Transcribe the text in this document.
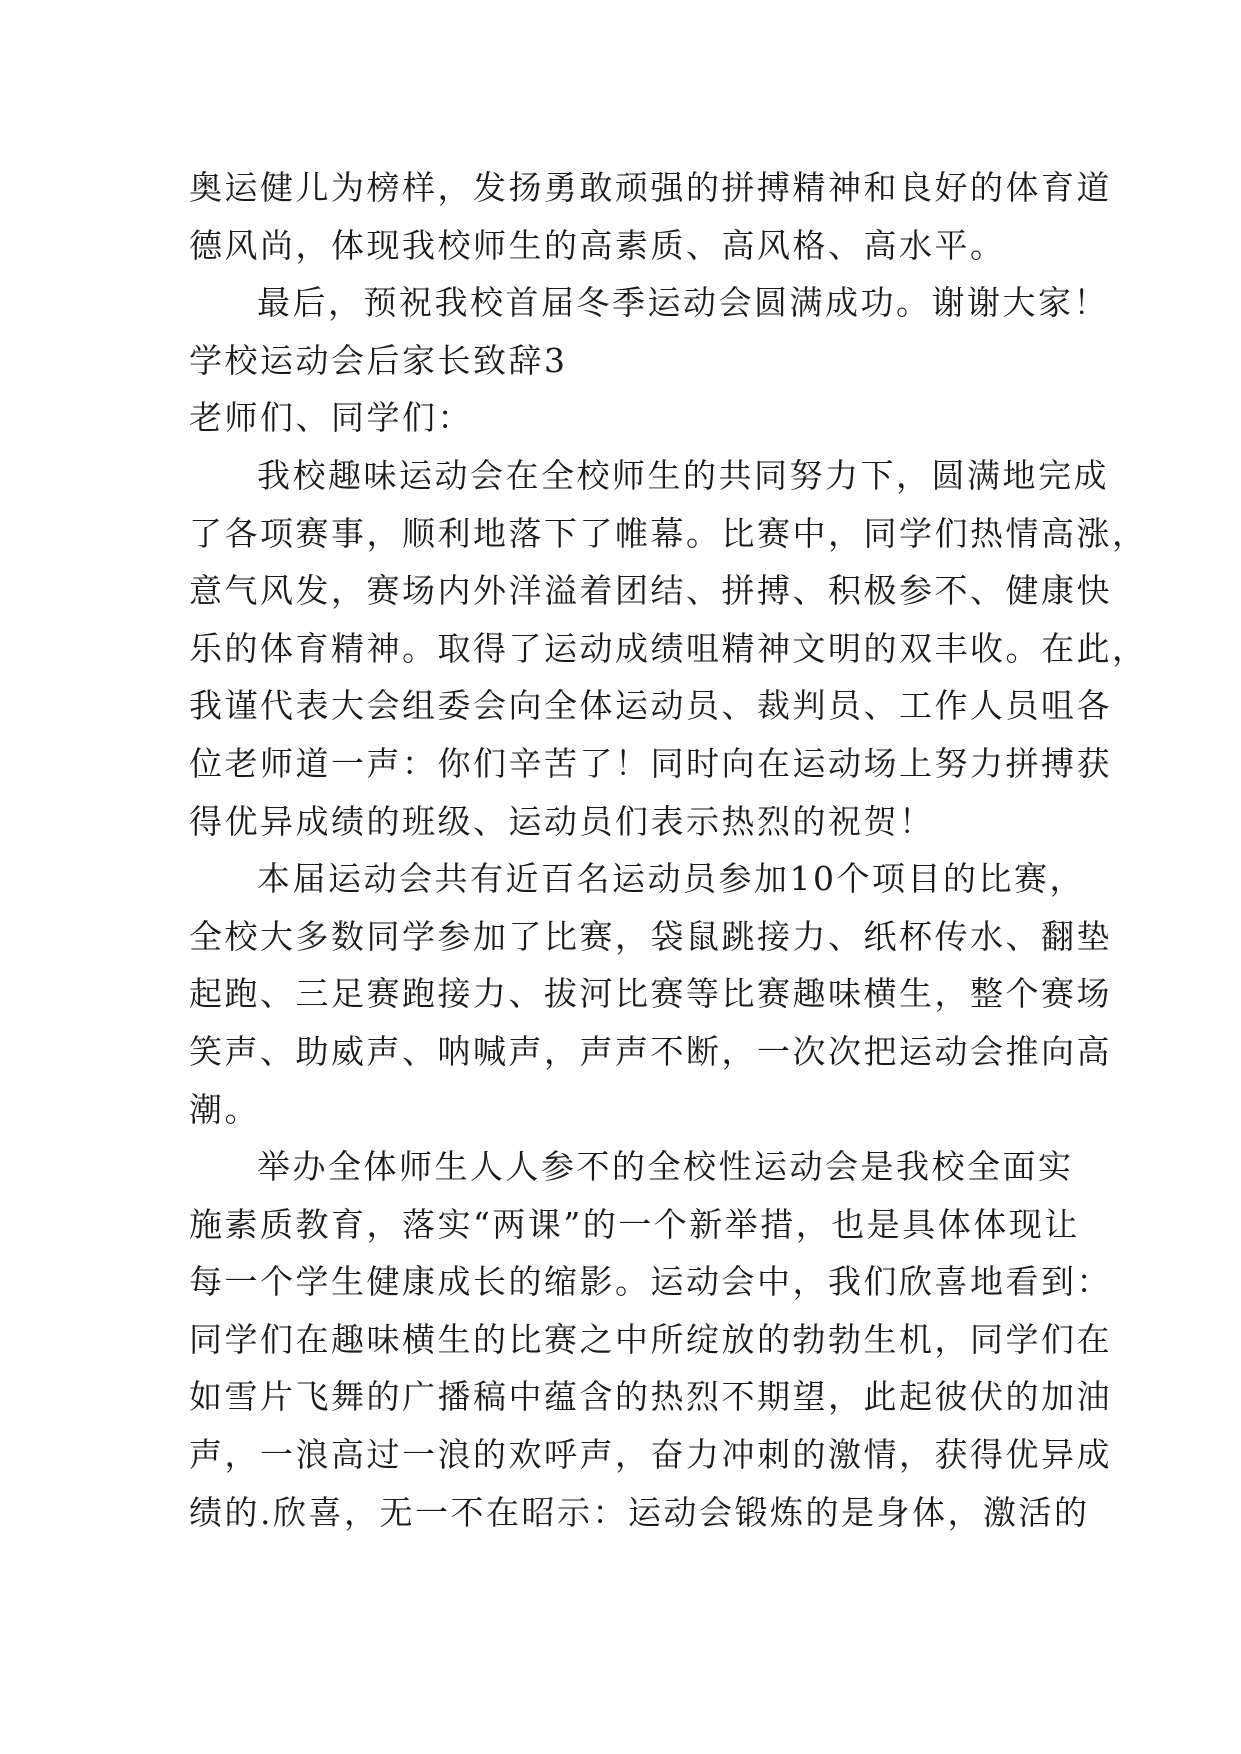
奥运健儿为榜样，发扬勇敢顽强的拼搏精神和良好的体育道
德风尚，体现我校师生的高素质、高风格、高水平。
最后，预祝我校首届冬季运动会圆满成功。谢谢大家！
学校运动会后家长致辞3
老师们、同学们：
我校趣味运动会在全校师生的共同努力下，圆满地完成
了各项赛事，顺利地落下了帷幕。比赛中，同学们热情高涨，
意气风发，赛场内外洋溢着团结、拼搏、积极参不、健康快
乐的体育精神。取得了运动成绩咀精神文明的双丰收。在此，
我谨代表大会组委会向全体运动员、裁判员、工作人员咀各
位老师道一声：你们辛苦了！同时向在运动场上努力拼搏获
得优异成绩的班级、运动员们表示热烈的祝贺！
本届运动会共有近百名运动员参加10个项目的比赛，
全校大多数同学参加了比赛，袋鼠跳接力、纸杯传水、翻垫
起跑、三足赛跑接力、拔河比赛等比赛趣味横生，整个赛场
笑声、助威声、呐喊声，声声不断，一次次把运动会推向高
潮。
举办全体师生人人参不的全校性运动会是我校全面实
施素质教育，落实“两课”的一个新举措，也是具体体现让
每一个学生健康成长的缩影。运动会中，我们欣喜地看到：
同学们在趣味横生的比赛之中所绽放的勃勃生机，同学们在
如雪片飞舞的广播稿中蕴含的热烈不期望，此起彼伏的加油
声，一浪高过一浪的欢呼声，奋力冲刺的激情，获得优异成
绩的.欣喜，无一不在昭示：运动会锻炼的是身体，激活的
